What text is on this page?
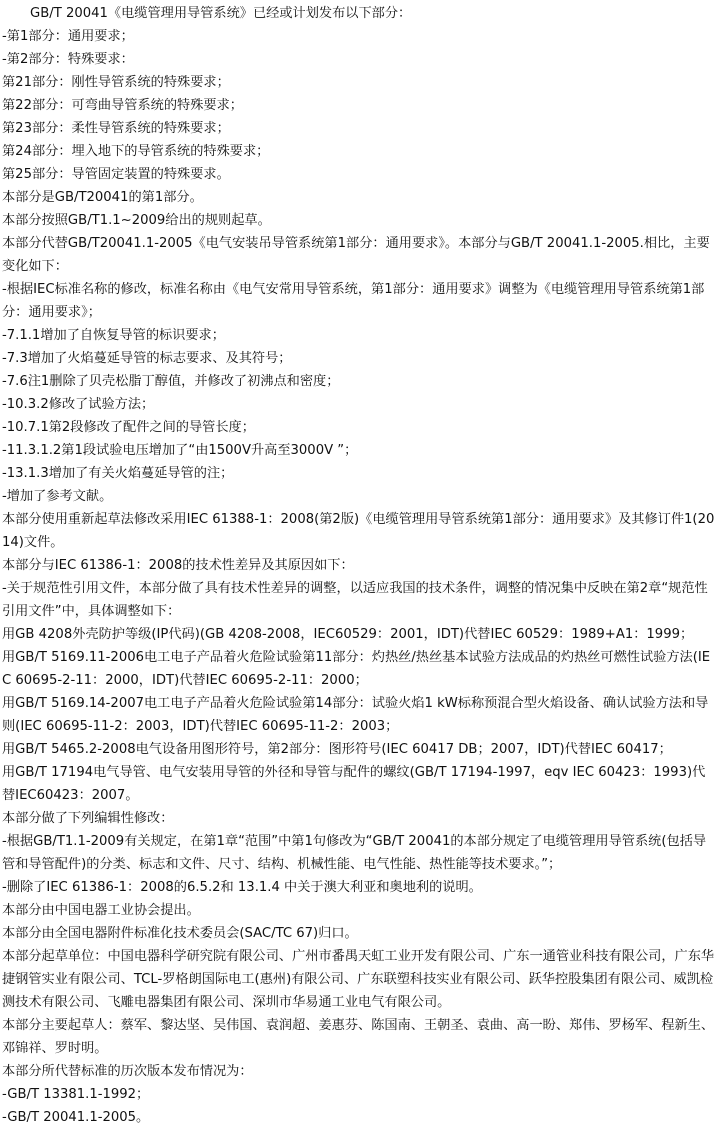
GB/T 20041《电缆管理用导管系统》已经或计划发布以下部分：
-第1部分：通用要求；
-第2部分：特殊要求：
第21部分：刚性导管系统的特殊要求；
第22部分：可弯曲导管系统的特殊要求；
第23部分：柔性导管系统的特殊要求；
第24部分：埋入地下的导管系统的特殊要求；
第25部分：导管固定装置的特殊要求。
本部分是GB/T20041的第1部分。
本部分按照GB/T1.1~2009给出的规则起草。
本部分代替GB/T20041.1-2005《电气安装吊导管系统第1部分：通用要求》。本部分与GB/T 20041.1-2005.相比，主要变化如下：
-根据IEC标准名称的修改，标准名称由《电气安常用导管系统，第1部分：通用要求》调整为《电缆管理用导管系统第1部分：通用要求》；
-7.1.1增加了自恢复导管的标识要求；
-7.3增加了火焰蔓延导管的标志要求、及其符号；
-7.6注1删除了贝壳松脂丁醇值，并修改了初沸点和密度；
-10.3.2修改了试验方法；
-10.7.1第2段修改了配件之间的导管长度；
-11.3.1.2第1段试验电压增加了“由1500V升高至3000V ”；
-13.1.3增加了有关火焰蔓延导管的注；
-增加了参考文献。
本部分使用重新起草法修改采用IEC 61388-1：2008(第2版)《电缆管理用导管系统第1部分：通用要求》及其修订件1(2014)文件。
本部分与IEC 61386-1：2008的技术性差异及其原因如下：
-关于规范性引用文件，本部分做了具有技术性差异的调整，以适应我国的技术条件，调整的情况集中反映在第2章“规范性引用文件”中，具体调整如下：
用GB 4208外壳防护等级(IP代码)(GB 4208-2008，IEC60529：2001，IDT)代替IEC 60529：1989+A1：1999；
用GB/T 5169.11-2006电工电子产品着火危险试验第11部分：灼热丝/热丝基本试验方法成品的灼热丝可燃性试验方法(IEC 60695-2-11：2000，IDT)代替IEC 60695-2-11：2000；
用GB/T 5169.14-2007电工电子产品着火危险试验第14部分：试验火焰1 kW标称预混合型火焰设备、确认试验方法和导则(IEC 60695-11-2：2003，IDT)代替IEC 60695-11-2：2003；
用GB/T 5465.2-2008电气设备用图形符号，第2部分：图形符号(IEC 60417 DB；2007，IDT)代替IEC 60417；
用GB/T 17194电气导管、电气安装用导管的外径和导管与配件的螺纹(GB/T 17194-1997，eqv IEC 60423：1993)代替IEC60423：2007。
本部分做了下列编辑性修改：
-根据GB/T1.1-2009有关规定，在第1章“范围”中第1句修改为“GB/T 20041的本部分规定了电缆管理用导管系统(包括导管和导管配件)的分类、标志和文件、尺寸、结构、机械性能、电气性能、热性能等技术要求。”；
-删除了IEC 61386-1：2008的6.5.2和 13.1.4 中关于澳大利亚和奥地利的说明。
本部分由中国电器工业协会提出。
本部分由全国电器附件标准化技术委员会(SAC/TC 67)归口。
本部分起草单位：中国电器科学研究院有限公司、广州市番禺天虹工业开发有限公司、广东一通管业科技有限公司，广东华捷钢管实业有限公司、TCL-罗格朗国际电工(惠州)有限公司、广东联塑科技实业有限公司、跃华控股集团有限公司、威凯检测技术有限公司、飞雕电器集团有限公司、深圳市华易通工业电气有限公司。
本部分主要起草人：蔡军、黎达坚、吴伟国、袁润超、姜惠芬、陈国南、王朝圣、袁曲、高一盼、郑伟、罗杨军、程新生、邓锦祥、罗时明。
本部分所代替标准的历次版本发布情况为：
-GB/T 13381.1-1992；
-GB/T 20041.1-2005。
